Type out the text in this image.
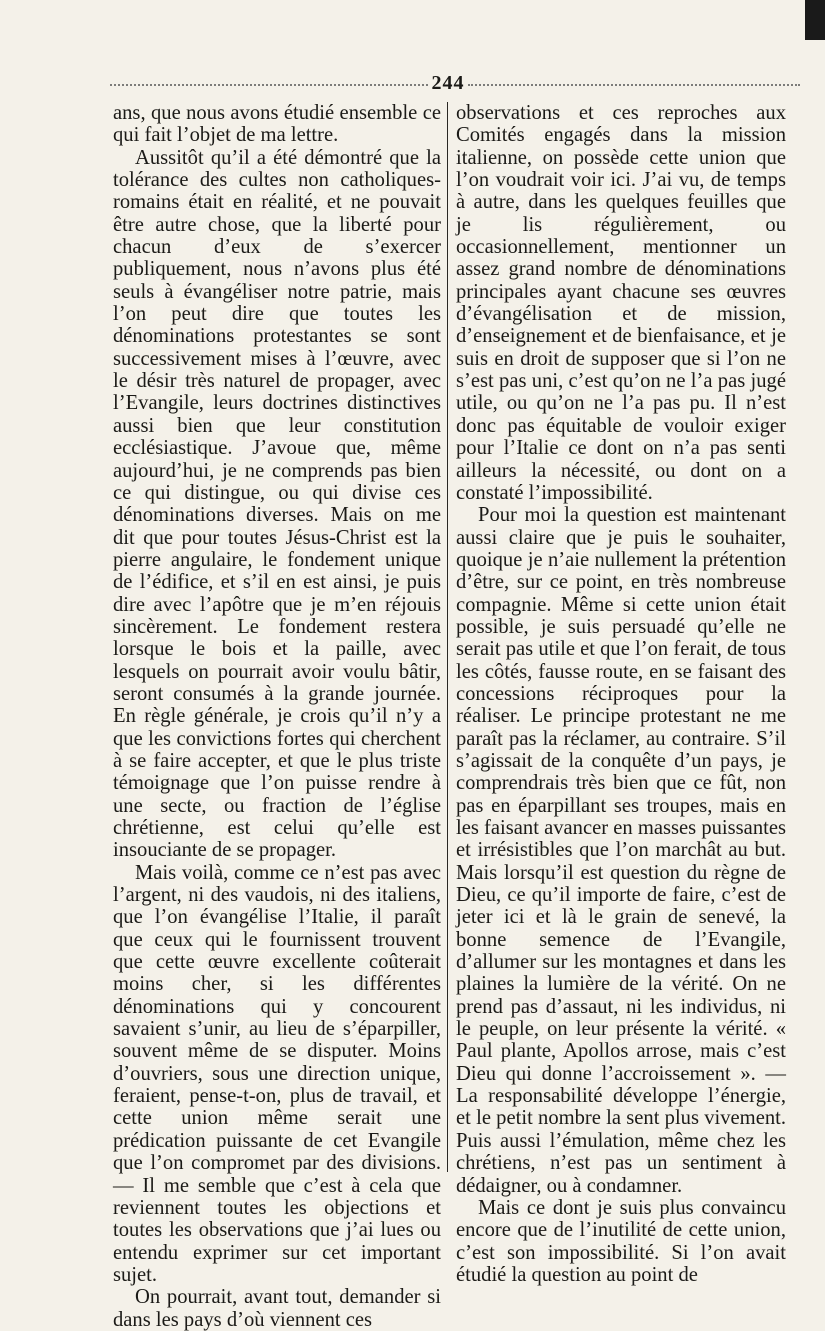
244

ans, que nous avons étudié ensemble ce qui fait l’objet de ma lettre.

Aussitôt qu’il a été démontré que la tolérance des cultes non catholiques-romains était en réalité, et ne pouvait être autre chose, que la liberté pour chacun d’eux de s’exercer publiquement, nous n’avons plus été seuls à évangéliser notre patrie, mais l’on peut dire que toutes les dénominations protestantes se sont successivement mises à l’œuvre, avec le désir très naturel de propager, avec l’Evangile, leurs doctrines distinctives aussi bien que leur constitution ecclésiastique. J’avoue que, même aujourd’hui, je ne comprends pas bien ce qui distingue, ou qui divise ces dénominations diverses. Mais on me dit que pour toutes Jésus-Christ est la pierre angulaire, le fondement unique de l’édifice, et s’il en est ainsi, je puis dire avec l’apôtre que je m’en réjouis sincèrement. Le fondement restera lorsque le bois et la paille, avec lesquels on pourrait avoir voulu bâtir, seront consumés à la grande journée. En règle générale, je crois qu’il n’y a que les convictions fortes qui cherchent à se faire accepter, et que le plus triste témoignage que l’on puisse rendre à une secte, ou fraction de l’église chrétienne, est celui qu’elle est insouciante de se propager.

Mais voilà, comme ce n’est pas avec l’argent, ni des vaudois, ni des italiens, que l’on évangélise l’Italie, il paraît que ceux qui le fournissent trouvent que cette œuvre excellente coûterait moins cher, si les différentes dénominations qui y concourent savaient s’unir, au lieu de s’éparpiller, souvent même de se disputer. Moins d’ouvriers, sous une direction unique, feraient, pense-t-on, plus de travail, et cette union même serait une prédication puissante de cet Evangile que l’on compromet par des divisions. — Il me semble que c’est à cela que reviennent toutes les objections et toutes les observations que j’ai lues ou entendu exprimer sur cet important sujet.

On pourrait, avant tout, demander si dans les pays d’où viennent ces

observations et ces reproches aux Comités engagés dans la mission italienne, on possède cette union que l’on voudrait voir ici. J’ai vu, de temps à autre, dans les quelques feuilles que je lis régulièrement, ou occasionnellement, mentionner un assez grand nombre de dénominations principales ayant chacune ses œuvres d’évangélisation et de mission, d’enseignement et de bienfaisance, et je suis en droit de supposer que si l’on ne s’est pas uni, c’est qu’on ne l’a pas jugé utile, ou qu’on ne l’a pas pu. Il n’est donc pas équitable de vouloir exiger pour l’Italie ce dont on n’a pas senti ailleurs la nécessité, ou dont on a constaté l’impossibilité.

Pour moi la question est maintenant aussi claire que je puis le souhaiter, quoique je n’aie nullement la prétention d’être, sur ce point, en très nombreuse compagnie. Même si cette union était possible, je suis persuadé qu’elle ne serait pas utile et que l’on ferait, de tous les côtés, fausse route, en se faisant des concessions réciproques pour la réaliser. Le principe protestant ne me paraît pas la réclamer, au contraire. S’il s’agissait de la conquête d’un pays, je comprendrais très bien que ce fût, non pas en éparpillant ses troupes, mais en les faisant avancer en masses puissantes et irrésistibles que l’on marchât au but. Mais lorsqu’il est question du règne de Dieu, ce qu’il importe de faire, c’est de jeter ici et là le grain de senevé, la bonne semence de l’Evangile, d’allumer sur les montagnes et dans les plaines la lumière de la vérité. On ne prend pas d’assaut, ni les individus, ni le peuple, on leur présente la vérité. « Paul plante, Apollos arrose, mais c’est Dieu qui donne l’accroissement ». — La responsabilité développe l’énergie, et le petit nombre la sent plus vivement. Puis aussi l’émulation, même chez les chrétiens, n’est pas un sentiment à dédaigner, ou à condamner.

Mais ce dont je suis plus convaincu encore que de l’inutilité de cette union, c’est son impossibilité. Si l’on avait étudié la question au point de
